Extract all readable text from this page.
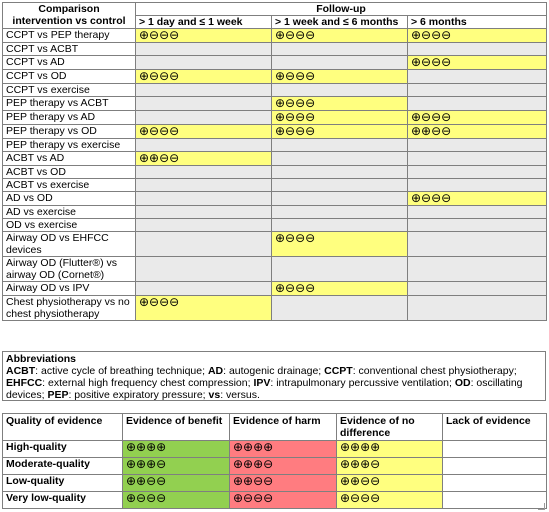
Comparison
intervention vs control	Follow-up		
	> 1 day and ≤ 1 week	> 1 week and ≤ 6 months	> 6 months
CCPT vs PEP therapy	⊕⊖⊖⊖	⊕⊖⊖⊖	⊕⊖⊖⊖
CCPT vs ACBT			
CCPT vs AD			⊕⊖⊖⊖
CCPT vs OD	⊕⊖⊖⊖	⊕⊖⊖⊖	
CCPT vs exercise			
PEP therapy vs ACBT		⊕⊖⊖⊖	
PEP therapy vs AD		⊕⊖⊖⊖	⊕⊖⊖⊖
PEP therapy vs OD	⊕⊖⊖⊖	⊕⊖⊖⊖	⊕⊕⊖⊖
PEP therapy vs exercise			
ACBT vs AD	⊕⊕⊖⊖		
ACBT vs OD			
ACBT vs exercise			
AD vs OD			⊕⊖⊖⊖
AD vs exercise			
OD vs exercise			
Airway OD vs EHFCC devices		⊕⊖⊖⊖	
Airway OD (Flutter®) vs airway OD (Cornet®)			
Airway OD vs IPV		⊕⊖⊖⊖	
Chest physiotherapy vs no chest physiotherapy	⊕⊖⊖⊖		
Abbreviations
ACBT: active cycle of breathing technique; AD: autogenic drainage; CCPT: conventional chest physiotherapy; EHFCC: external high frequency chest compression; IPV: intrapulmonary percussive ventilation; OD: oscillating devices; PEP: positive expiratory pressure; vs: versus.
Quality of evidence	Evidence of benefit	Evidence of harm	Evidence of no difference	Lack of evidence
High-quality	⊕⊕⊕⊕	⊕⊕⊕⊕	⊕⊕⊕⊕	
Moderate-quality	⊕⊕⊕⊖	⊕⊕⊕⊖	⊕⊕⊕⊖	
Low-quality	⊕⊕⊖⊖	⊕⊕⊖⊖	⊕⊕⊖⊖	
Very low-quality	⊕⊖⊖⊖	⊕⊖⊖⊖	⊕⊖⊖⊖	
